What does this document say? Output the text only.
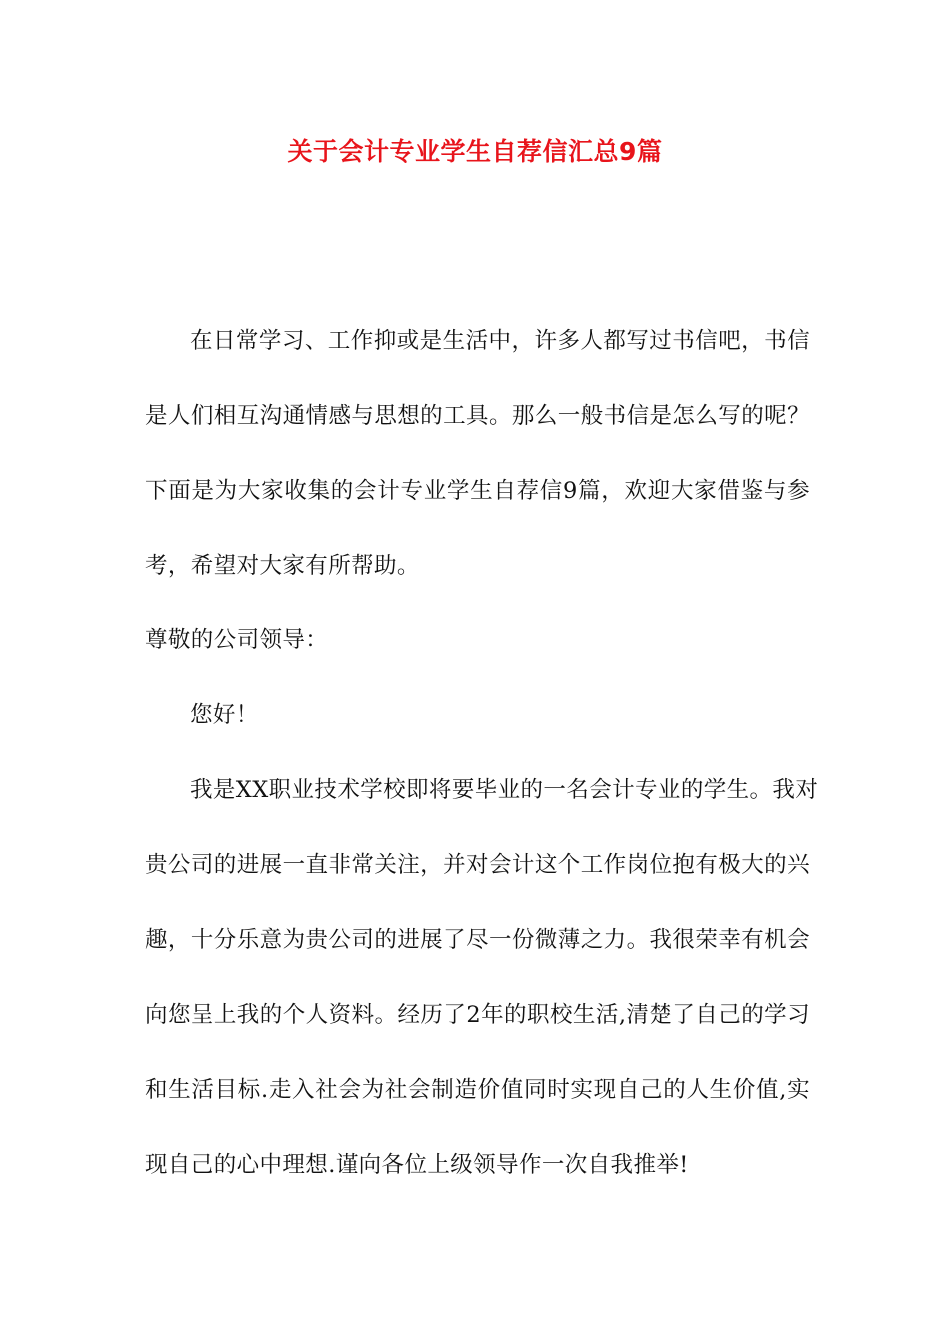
关于会计专业学生自荐信汇总9篇
在日常学习、工作抑或是生活中，许多人都写过书信吧，书信
是人们相互沟通情感与思想的工具。那么一般书信是怎么写的呢？
下面是为大家收集的会计专业学生自荐信9篇，欢迎大家借鉴与参
考，希望对大家有所帮助。
尊敬的公司领导：
您好！
我是XX职业技术学校即将要毕业的一名会计专业的学生。我对
贵公司的进展一直非常关注，并对会计这个工作岗位抱有极大的兴
趣，十分乐意为贵公司的进展了尽一份微薄之力。我很荣幸有机会
向您呈上我的个人资料。经历了2年的职校生活,清楚了自己的学习
和生活目标.走入社会为社会制造价值同时实现自己的人生价值,实
现自己的心中理想.谨向各位上级领导作一次自我推举!
